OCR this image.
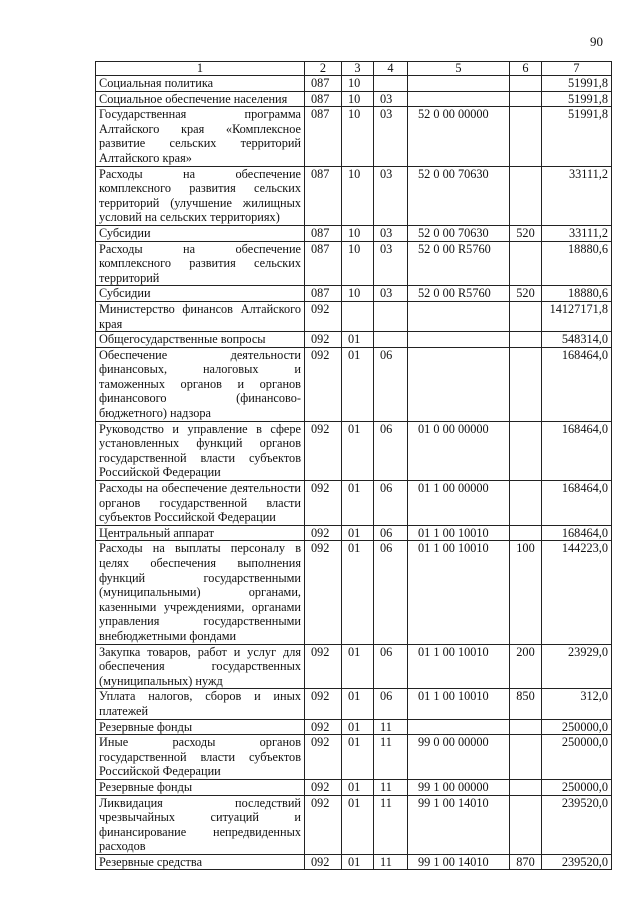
90
1	2	3	4	5	6	7
Социальная политика	087	10				51991,8
Социальное обеспечение населения	087	10	03			51991,8
Государственная программа Алтайского края «Комплексное развитие сельских территорий Алтайского края»	087	10	03	52 0 00 00000		51991,8
Расходы на обеспечение комплексного развития сельских территорий (улучшение жилищных условий на сельских территориях)	087	10	03	52 0 00 70630		33111,2
Субсидии	087	10	03	52 0 00 70630	520	33111,2
Расходы на обеспечение комплексного развития сельских территорий	087	10	03	52 0 00 R5760		18880,6
Субсидии	087	10	03	52 0 00 R5760	520	18880,6
Министерство финансов Алтайского края	092					14127171,8
Общегосударственные вопросы	092	01				548314,0
Обеспечение деятельности финансовых, налоговых и таможенных органов и органов финансового (финансово-бюджетного) надзора	092	01	06			168464,0
Руководство и управление в сфере установленных функций органов государственной власти субъектов Российской Федерации	092	01	06	01 0 00 00000		168464,0
Расходы на обеспечение деятельности органов государственной власти субъектов Российской Федерации	092	01	06	01 1 00 00000		168464,0
Центральный аппарат	092	01	06	01 1 00 10010		168464,0
Расходы на выплаты персоналу в целях обеспечения выполнения функций государственными (муниципальными) органами, казенными учреждениями, органами управления государственными внебюджетными фондами	092	01	06	01 1 00 10010	100	144223,0
Закупка товаров, работ и услуг для обеспечения государственных (муниципальных) нужд	092	01	06	01 1 00 10010	200	23929,0
Уплата налогов, сборов и иных платежей	092	01	06	01 1 00 10010	850	312,0
Резервные фонды	092	01	11			250000,0
Иные расходы органов государственной власти субъектов Российской Федерации	092	01	11	99 0 00 00000		250000,0
Резервные фонды	092	01	11	99 1 00 00000		250000,0
Ликвидация последствий чрезвычайных ситуаций и финансирование непредвиденных расходов	092	01	11	99 1 00 14010		239520,0
Резервные средства	092	01	11	99 1 00 14010	870	239520,0
